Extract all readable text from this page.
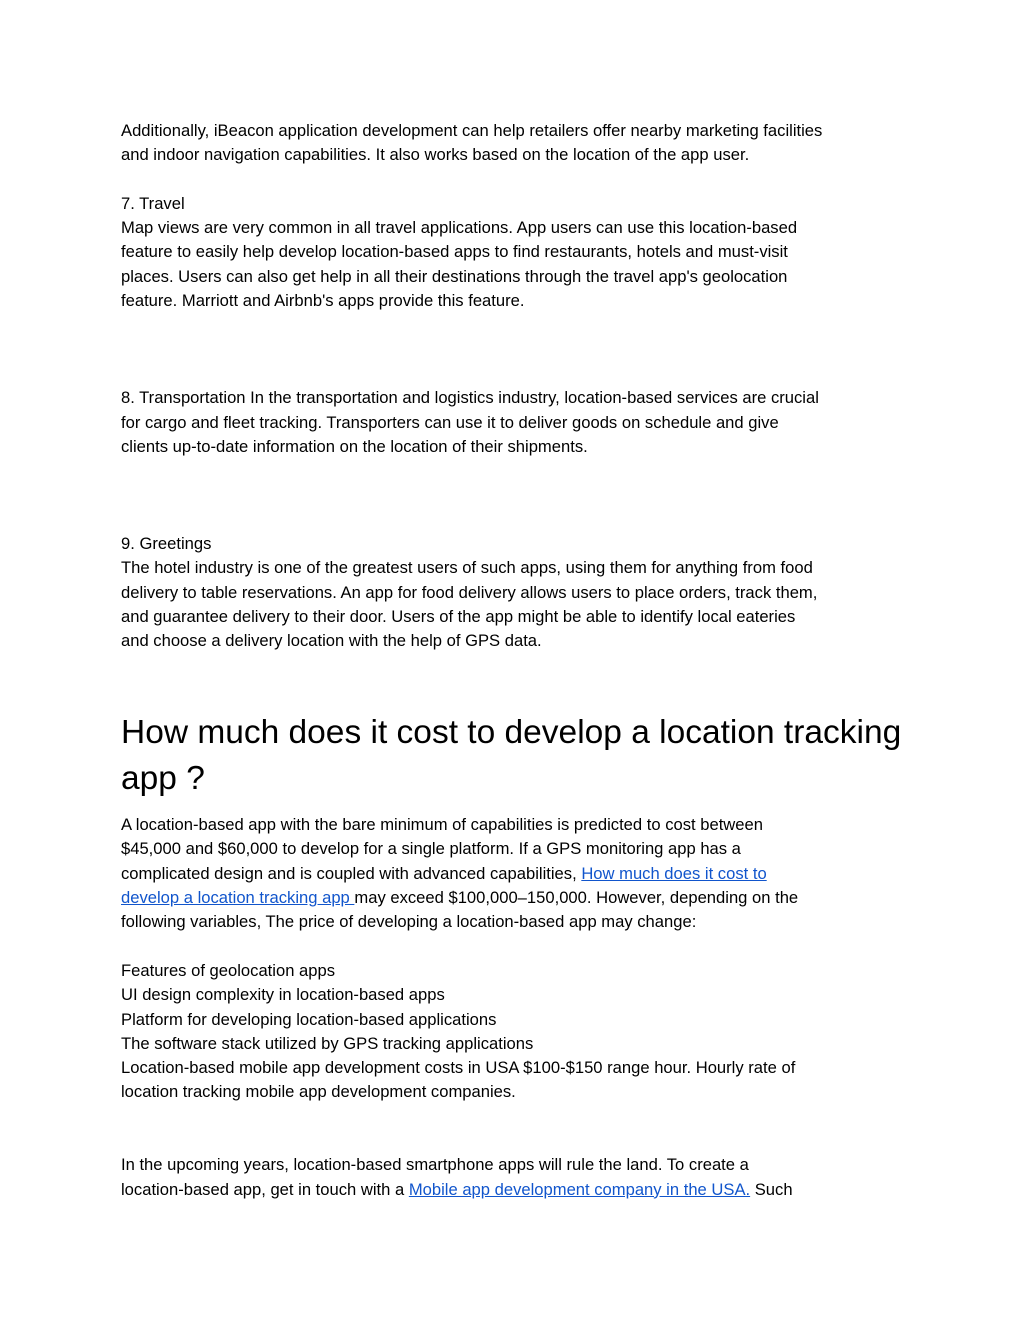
Additionally, iBeacon application development can help retailers offer nearby marketing facilities
and indoor navigation capabilities. It also works based on the location of the app user.

7. Travel
Map views are very common in all travel applications. App users can use this location-based
feature to easily help develop location-based apps to find restaurants, hotels and must-visit
places. Users can also get help in all their destinations through the travel app's geolocation
feature. Marriott and Airbnb's apps provide this feature.

8. Transportation In the transportation and logistics industry, location-based services are crucial
for cargo and fleet tracking. Transporters can use it to deliver goods on schedule and give
clients up-to-date information on the location of their shipments.

9. Greetings
The hotel industry is one of the greatest users of such apps, using them for anything from food
delivery to table reservations. An app for food delivery allows users to place orders, track them,
and guarantee delivery to their door. Users of the app might be able to identify local eateries
and choose a delivery location with the help of GPS data.

How much does it cost to develop a location tracking
app ?

A location-based app with the bare minimum of capabilities is predicted to cost between
$45,000 and $60,000 to develop for a single platform. If a GPS monitoring app has a
complicated design and is coupled with advanced capabilities, How much does it cost to
develop a location tracking app may exceed $100,000–150,000. However, depending on the
following variables, The price of developing a location-based app may change:

Features of geolocation apps
UI design complexity in location-based apps
Platform for developing location-based applications
The software stack utilized by GPS tracking applications
Location-based mobile app development costs in USA $100-$150 range hour. Hourly rate of
location tracking mobile app development companies.

In the upcoming years, location-based smartphone apps will rule the land. To create a
location-based app, get in touch with a Mobile app development company in the USA. Such
